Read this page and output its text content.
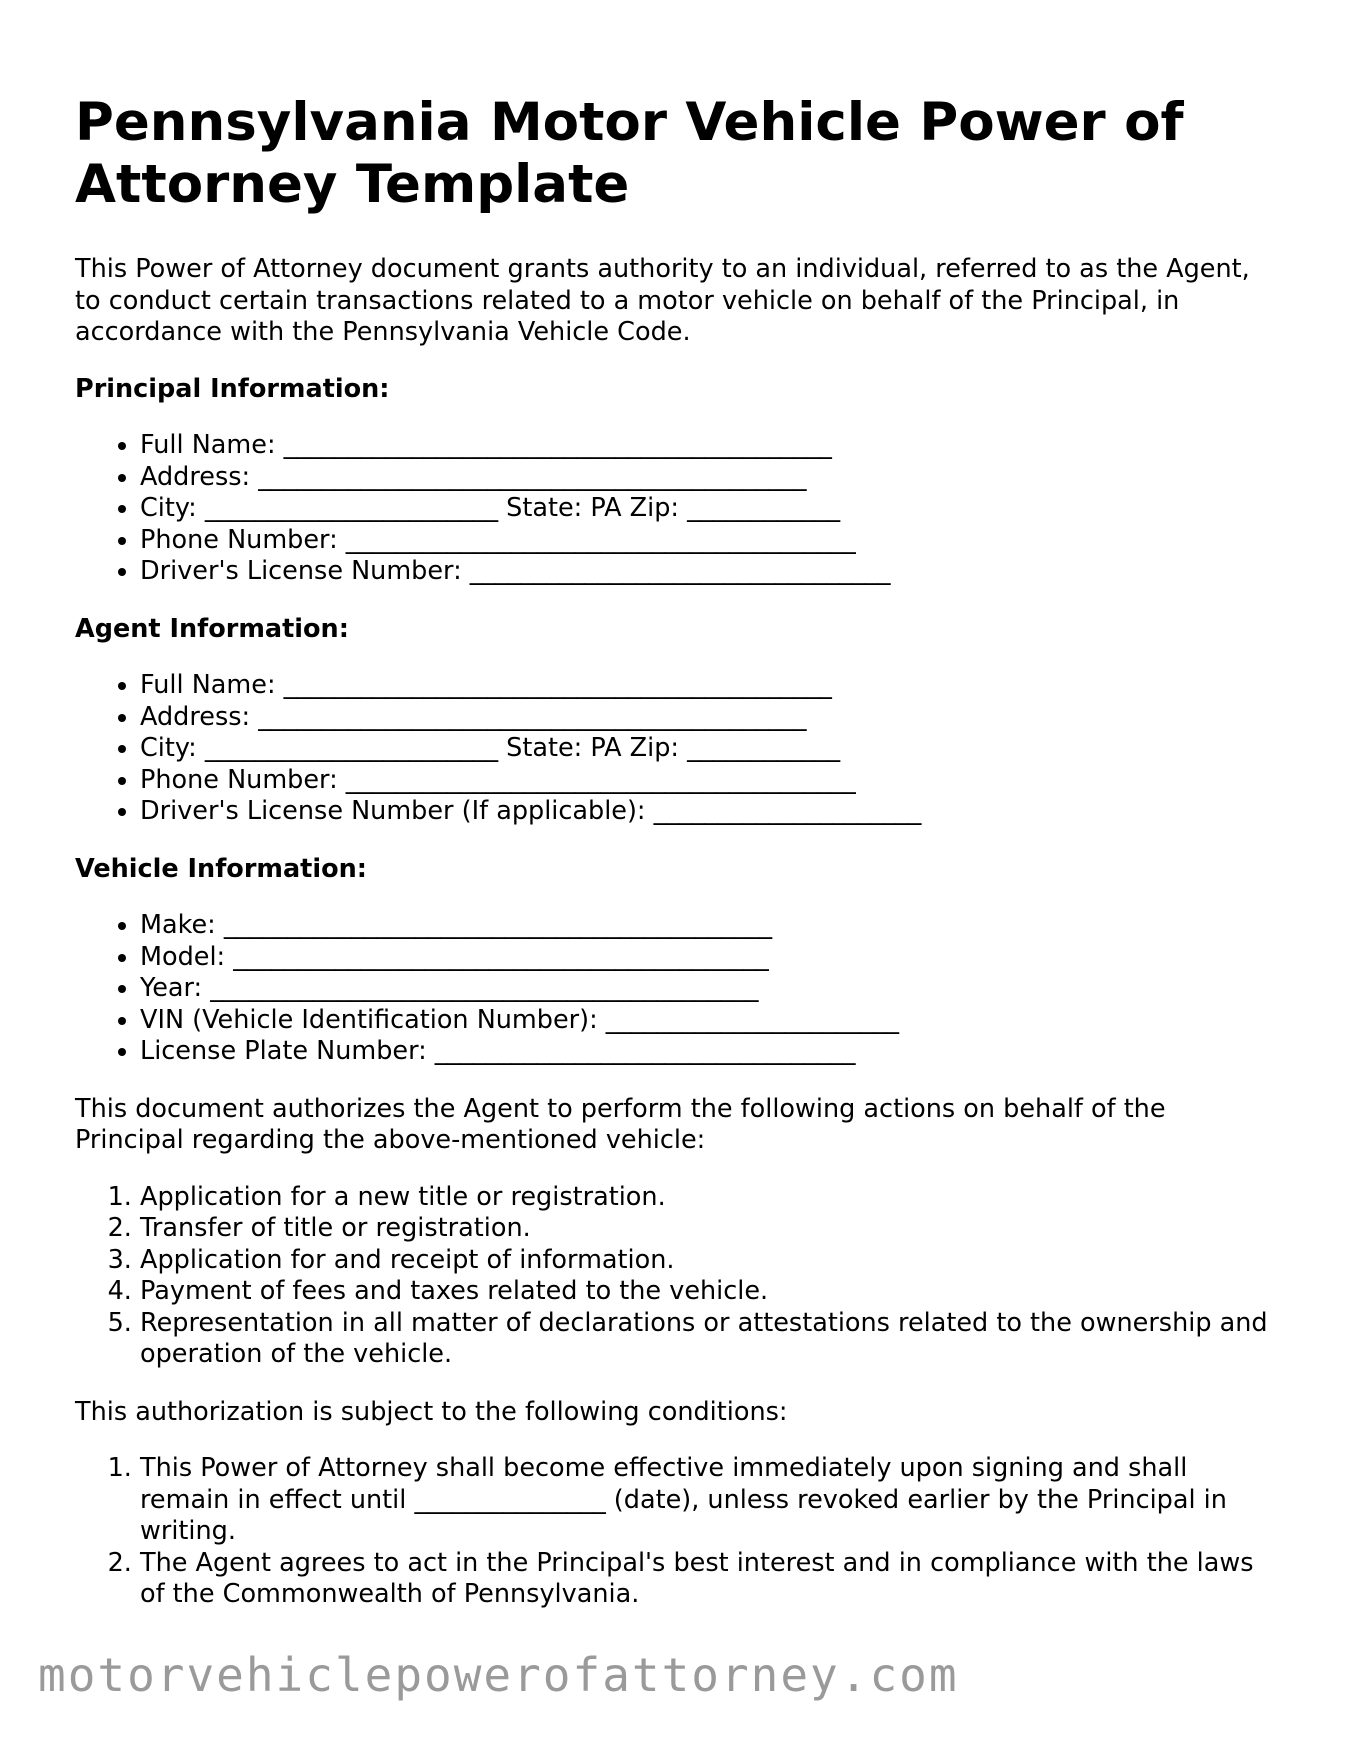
Pennsylvania Motor Vehicle Power of Attorney Template

This Power of Attorney document grants authority to an individual, referred to as the Agent, to conduct certain transactions related to a motor vehicle on behalf of the Principal, in accordance with the Pennsylvania Vehicle Code.

Principal Information:

• Full Name: ___________________________________________
• Address: ___________________________________________
• City: _______________________ State: PA Zip: ____________
• Phone Number: ________________________________________
• Driver's License Number: _________________________________

Agent Information:

• Full Name: ___________________________________________
• Address: ___________________________________________
• City: _______________________ State: PA Zip: ____________
• Phone Number: ________________________________________
• Driver's License Number (If applicable): _____________________

Vehicle Information:

• Make: ___________________________________________
• Model: __________________________________________
• Year: ___________________________________________
• VIN (Vehicle Identification Number): _______________________
• License Plate Number: _________________________________

This document authorizes the Agent to perform the following actions on behalf of the Principal regarding the above-mentioned vehicle:

1. Application for a new title or registration.
2. Transfer of title or registration.
3. Application for and receipt of information.
4. Payment of fees and taxes related to the vehicle.
5. Representation in all matter of declarations or attestations related to the ownership and operation of the vehicle.

This authorization is subject to the following conditions:

1. This Power of Attorney shall become effective immediately upon signing and shall remain in effect until _______________ (date), unless revoked earlier by the Principal in writing.
2. The Agent agrees to act in the Principal's best interest and in compliance with the laws of the Commonwealth of Pennsylvania.
motorvehiclepowerofattorney.com
